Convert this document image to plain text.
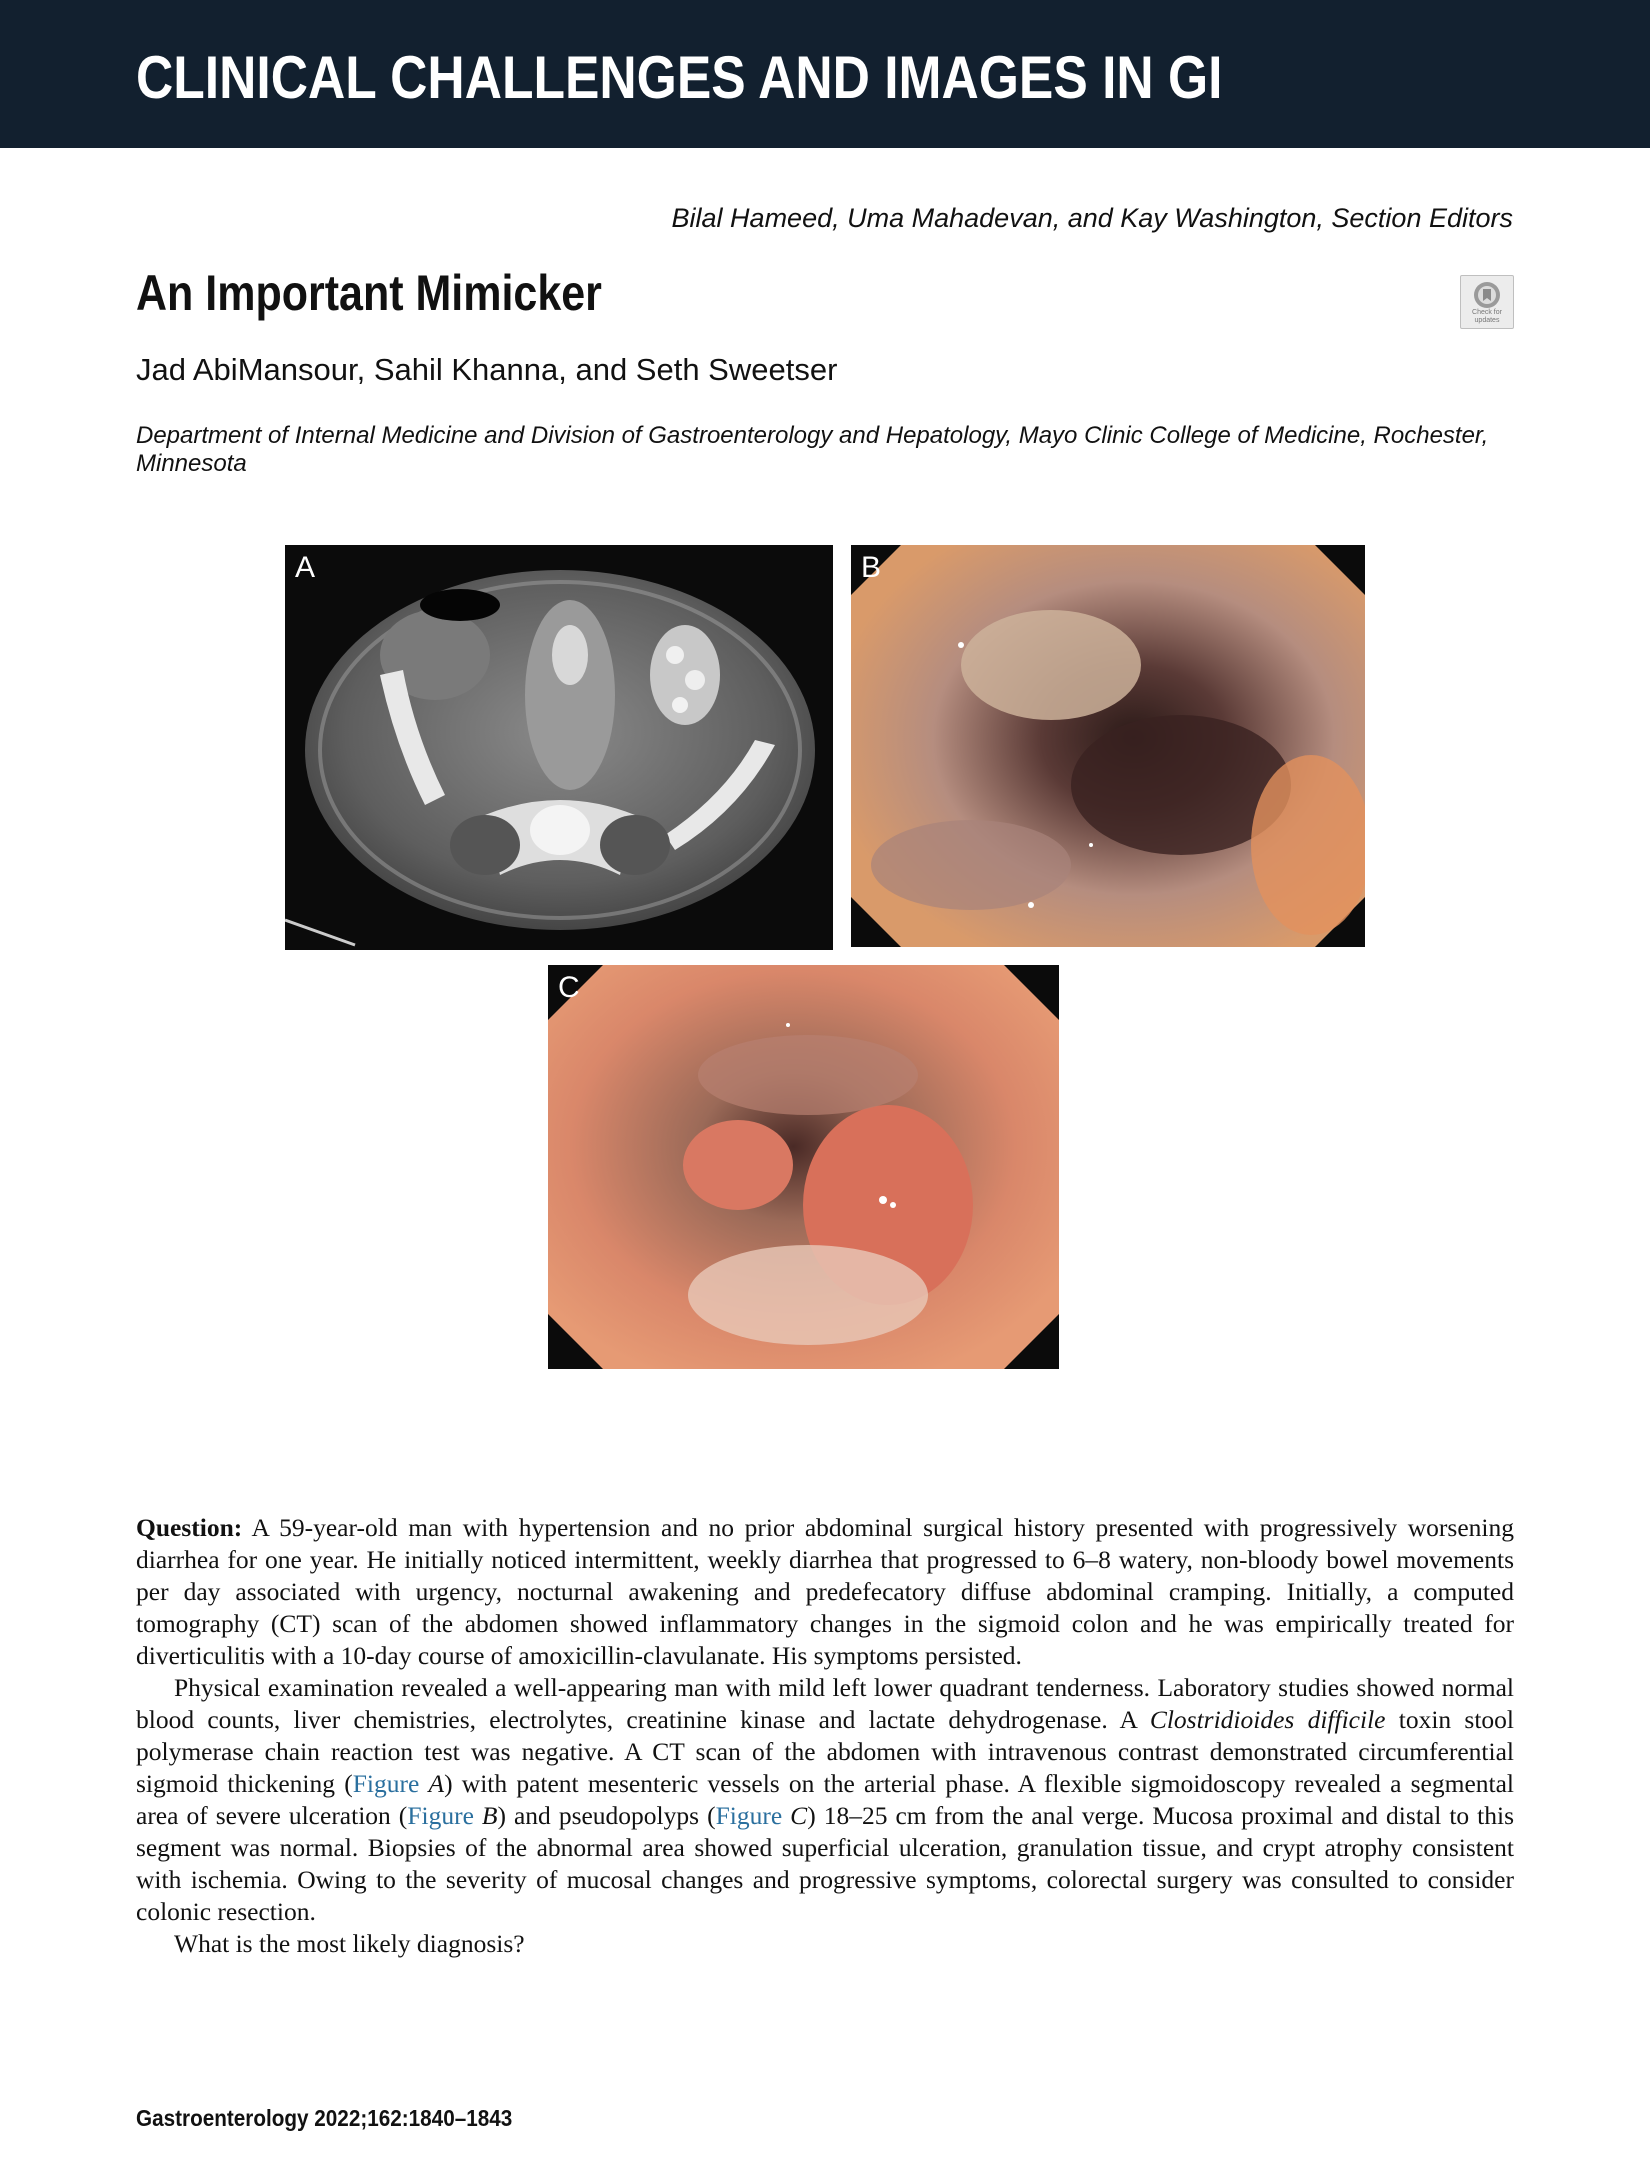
CLINICAL CHALLENGES AND IMAGES IN GI
Bilal Hameed, Uma Mahadevan, and Kay Washington, Section Editors
An Important Mimicker	Check for updates
Jad AbiMansour, Sahil Khanna, and Seth Sweetser
Department of Internal Medicine and Division of Gastroenterology and Hepatology, Mayo Clinic College of Medicine, Rochester, Minnesota
A	B
C

Question: A 59-year-old man with hypertension and no prior abdominal surgical history presented with progressively worsening diarrhea for one year. He initially noticed intermittent, weekly diarrhea that progressed to 6–8 watery, non-bloody bowel movements per day associated with urgency, nocturnal awakening and predefecatory diffuse abdominal cramping. Initially, a computed tomography (CT) scan of the abdomen showed inflammatory changes in the sigmoid colon and he was empirically treated for diverticulitis with a 10-day course of amoxicillin-clavulanate. His symptoms persisted.

Physical examination revealed a well-appearing man with mild left lower quadrant tenderness. Laboratory studies showed normal blood counts, liver chemistries, electrolytes, creatinine kinase and lactate dehydrogenase. A Clostridioides difficile toxin stool polymerase chain reaction test was negative. A CT scan of the abdomen with intravenous contrast demonstrated circumferential sigmoid thickening (Figure A) with patent mesenteric vessels on the arterial phase. A flexible sigmoidoscopy revealed a segmental area of severe ulceration (Figure B) and pseudopolyps (Figure C) 18–25 cm from the anal verge. Mucosa proximal and distal to this segment was normal. Biopsies of the abnormal area showed superficial ulceration, granulation tissue, and crypt atrophy consistent with ischemia. Owing to the severity of mucosal changes and progressive symptoms, colorectal surgery was consulted to consider colonic resection.

What is the most likely diagnosis?

Gastroenterology 2022;162:1840–1843
